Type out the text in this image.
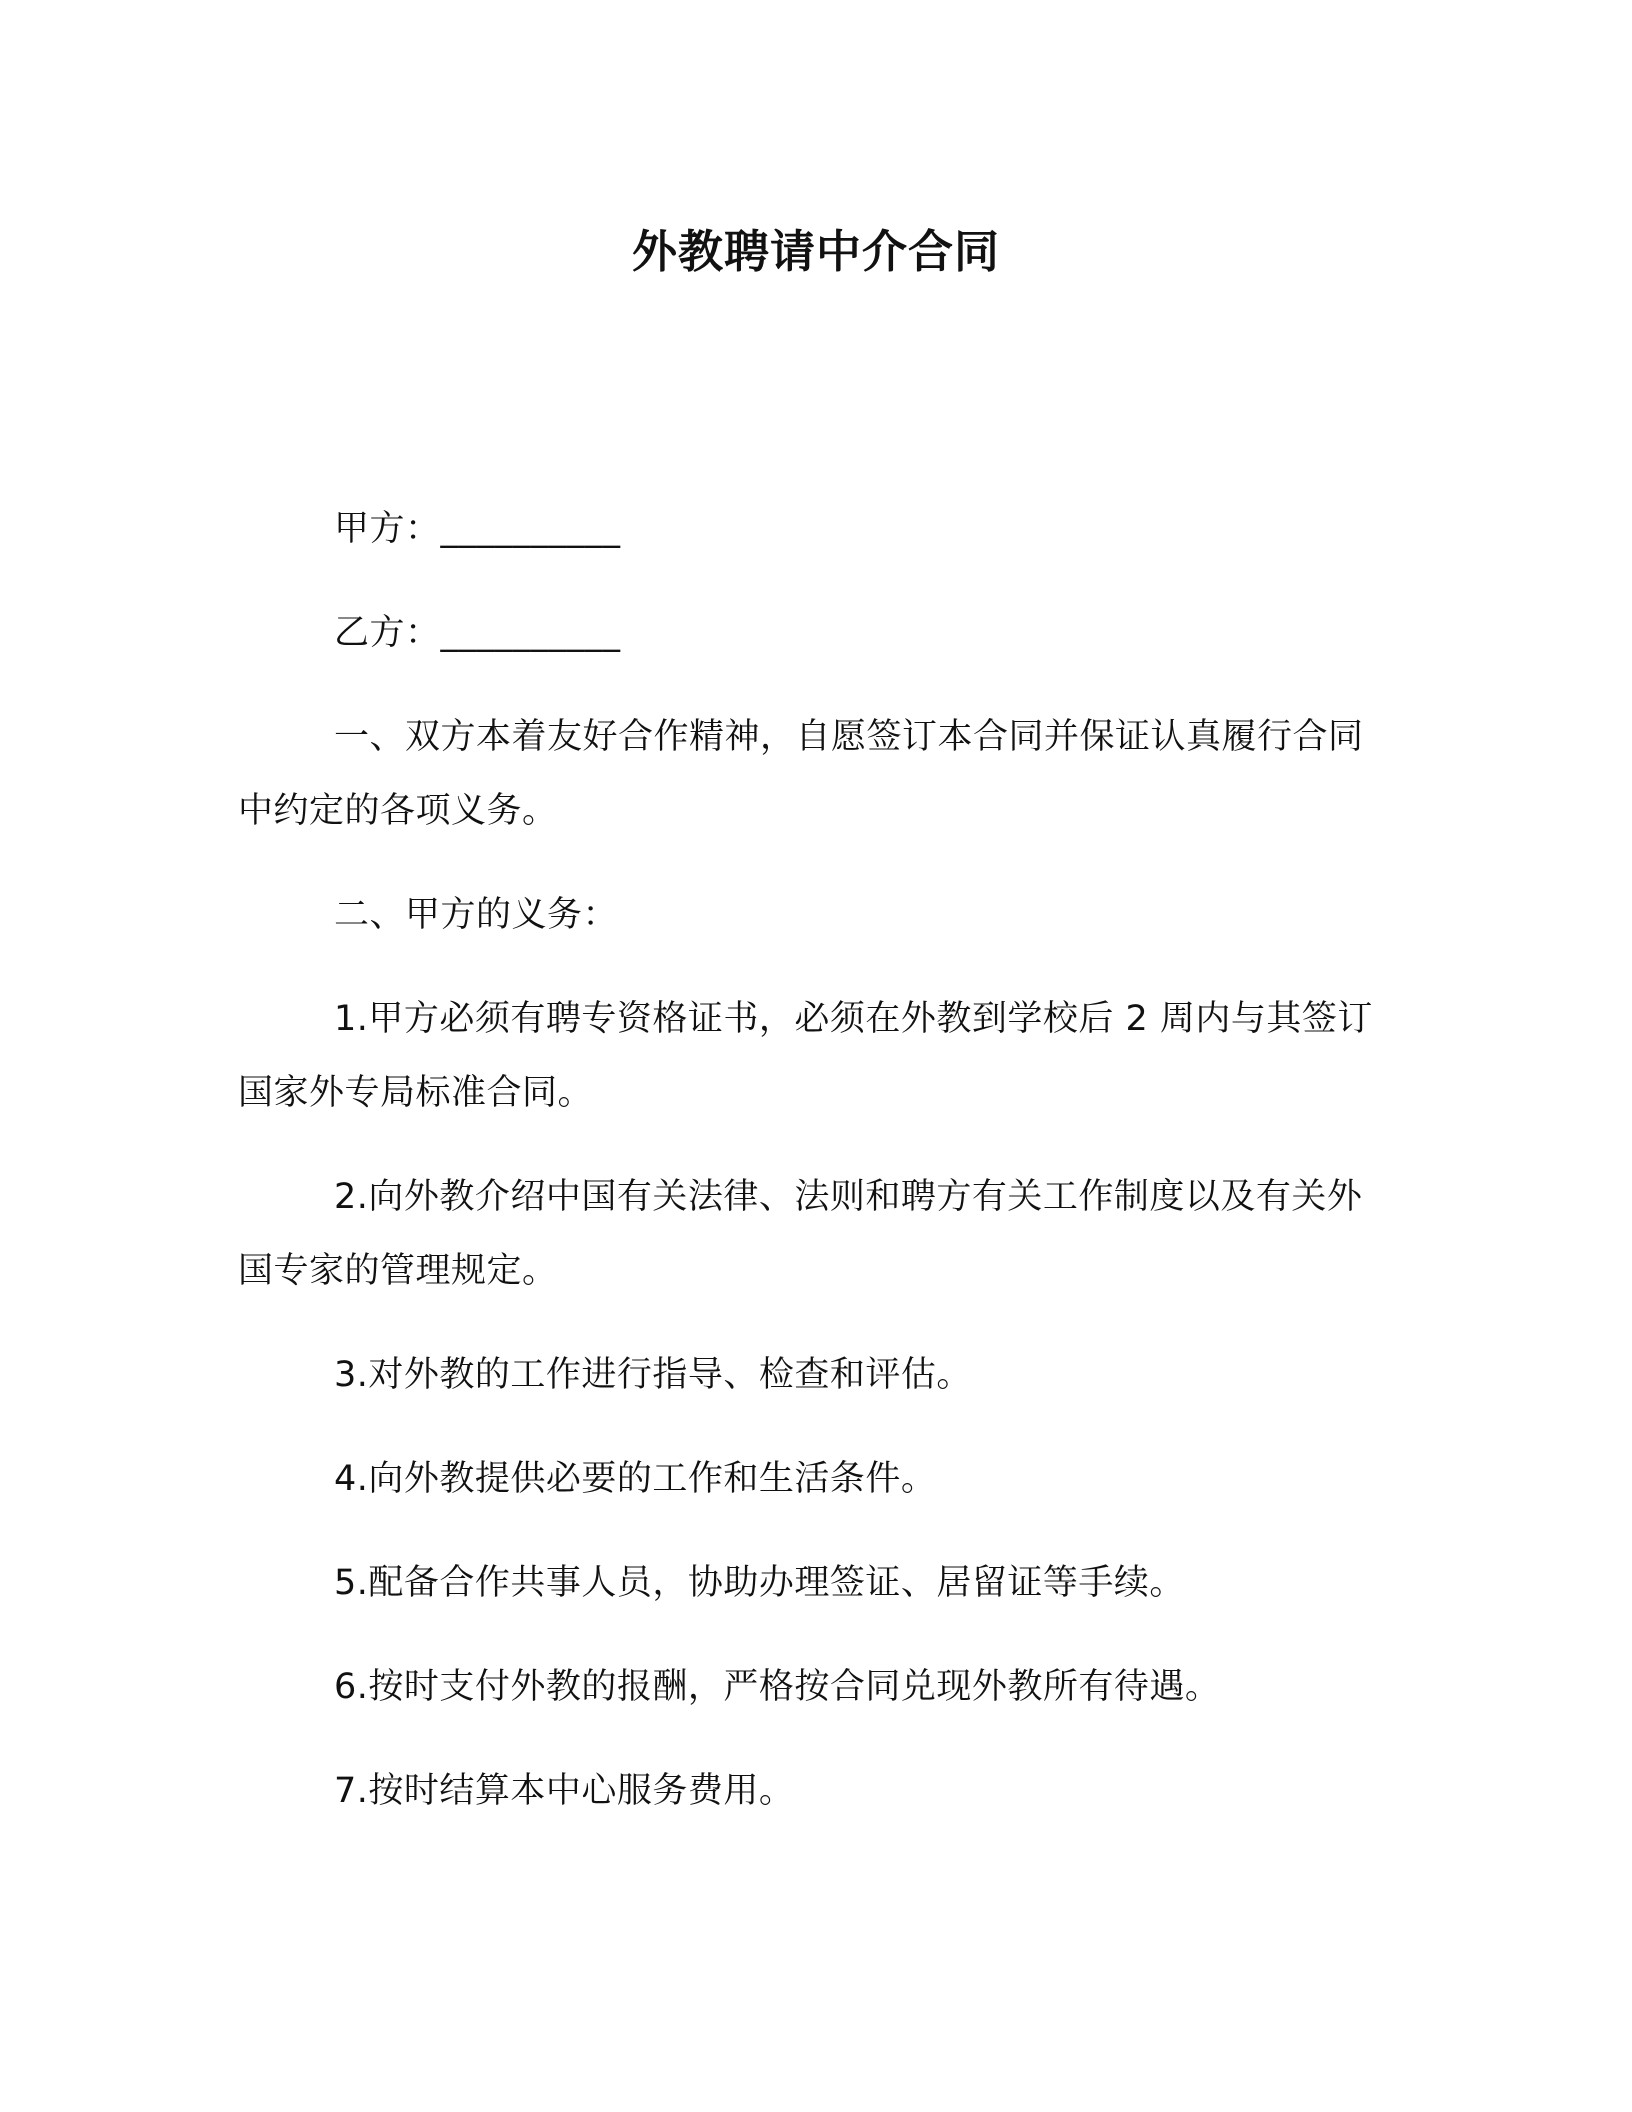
外教聘请中介合同

甲方：__________

乙方：__________

一、双方本着友好合作精神，自愿签订本合同并保证认真履行合同中约定的各项义务。

二、甲方的义务：

1.甲方必须有聘专资格证书，必须在外教到学校后 2 周内与其签订国家外专局标准合同。

2.向外教介绍中国有关法律、法则和聘方有关工作制度以及有关外国专家的管理规定。

3.对外教的工作进行指导、检查和评估。

4.向外教提供必要的工作和生活条件。

5.配备合作共事人员，协助办理签证、居留证等手续。

6.按时支付外教的报酬，严格按合同兑现外教所有待遇。

7.按时结算本中心服务费用。
